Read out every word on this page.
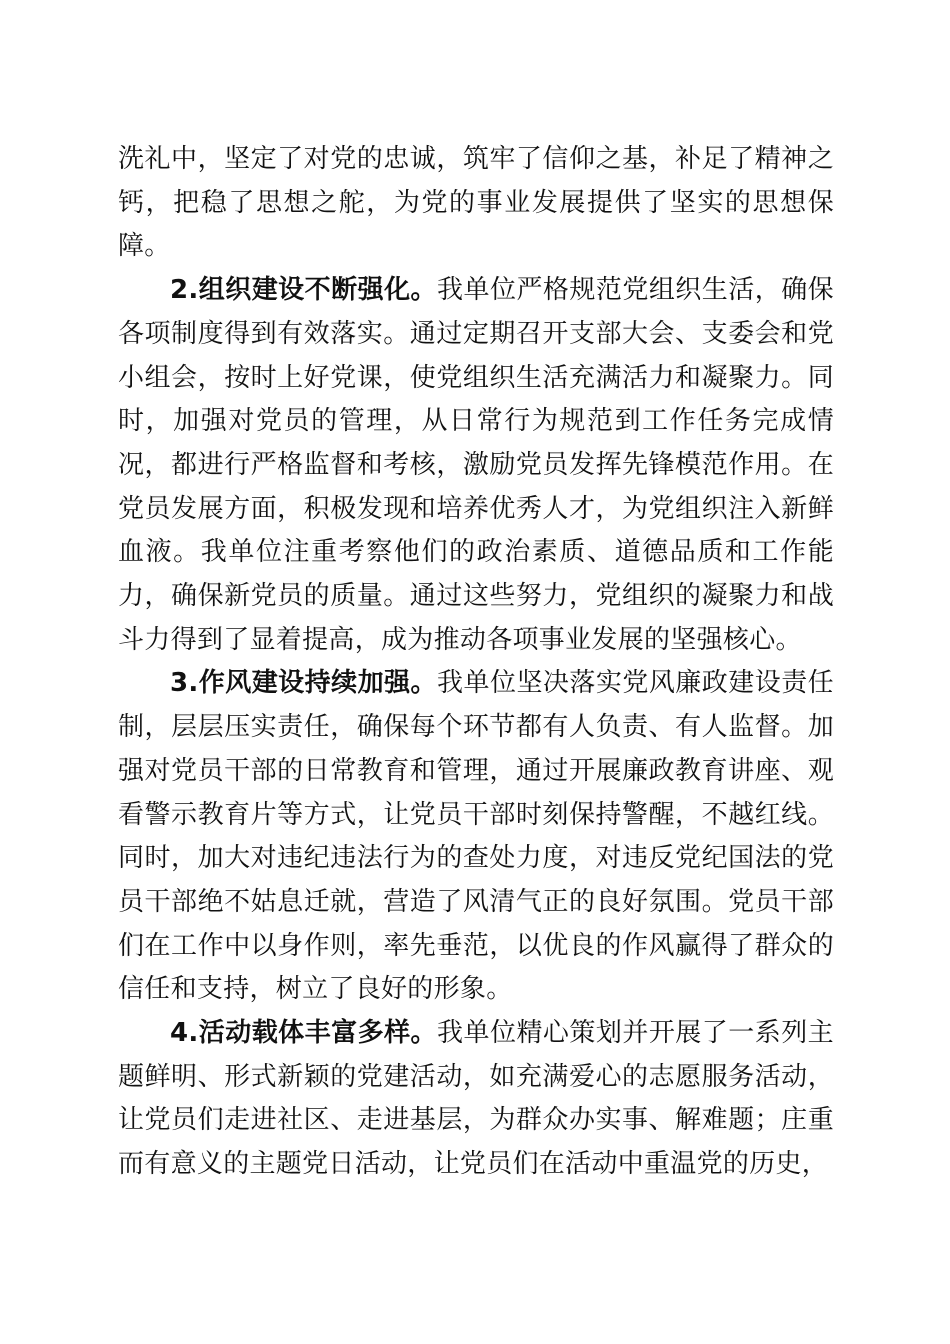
洗礼中，坚定了对党的忠诚，筑牢了信仰之基，补足了精神之钙，把稳了思想之舵，为党的事业发展提供了坚实的思想保障。

2.组织建设不断强化。我单位严格规范党组织生活，确保各项制度得到有效落实。通过定期召开支部大会、支委会和党小组会，按时上好党课，使党组织生活充满活力和凝聚力。同时，加强对党员的管理，从日常行为规范到工作任务完成情况，都进行严格监督和考核，激励党员发挥先锋模范作用。在党员发展方面，积极发现和培养优秀人才，为党组织注入新鲜血液。我单位注重考察他们的政治素质、道德品质和工作能力，确保新党员的质量。通过这些努力，党组织的凝聚力和战斗力得到了显着提高，成为推动各项事业发展的坚强核心。

3.作风建设持续加强。我单位坚决落实党风廉政建设责任制，层层压实责任，确保每个环节都有人负责、有人监督。加强对党员干部的日常教育和管理，通过开展廉政教育讲座、观看警示教育片等方式，让党员干部时刻保持警醒，不越红线。同时，加大对违纪违法行为的查处力度，对违反党纪国法的党员干部绝不姑息迁就，营造了风清气正的良好氛围。党员干部们在工作中以身作则，率先垂范，以优良的作风赢得了群众的信任和支持，树立了良好的形象。

4.活动载体丰富多样。我单位精心策划并开展了一系列主题鲜明、形式新颖的党建活动，如充满爱心的志愿服务活动，让党员们走进社区、走进基层，为群众办实事、解难题；庄重而有意义的主题党日活动，让党员们在活动中重温党的历史，
